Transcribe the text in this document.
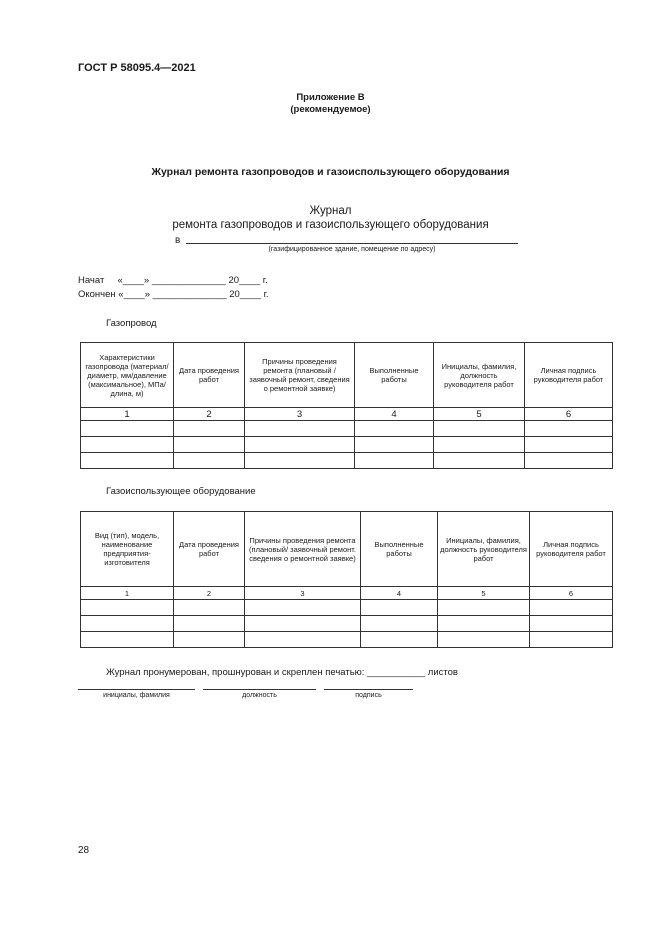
ГОСТ Р 58095.4—2021
Приложение В
(рекомендуемое)
Журнал ремонта газопроводов и газоиспользующего оборудования
Журнал
ремонта газопроводов и газоиспользующего оборудования
в
(газифицированное здание, помещение по адресу)
Начат     «____» ______________ 20____ г.
Окончен «____» ______________ 20____ г.
Газопровод
Характеристики газопровода (материал/диаметр, мм/давление (максимальное), МПа/длина, м)	Дата проведения работ	Причины проведения ремонта (плановый /заявочный ремонт, сведения о ремонтной заявке)	Выполненные работы	Инициалы, фамилия, должность руководителя работ	Личная подпись руководителя работ
1	2	3	4	5	6

Газоиспользующее оборудование
Вид (тип), модель, наименование предприятия-изготовителя	Дата проведения работ	Причины проведения ремонта (плановый/ заявочный ремонт. сведения о ремонтной заявке)	Выполненные работы	Инициалы, фамилия, должность руководителя работ	Личная подпись руководителя работ
1	2	3	4	5	6

Журнал пронумерован, прошнурован и скреплен печатью: ___________ листов
инициалы, фамилия	должность	подпись
28
